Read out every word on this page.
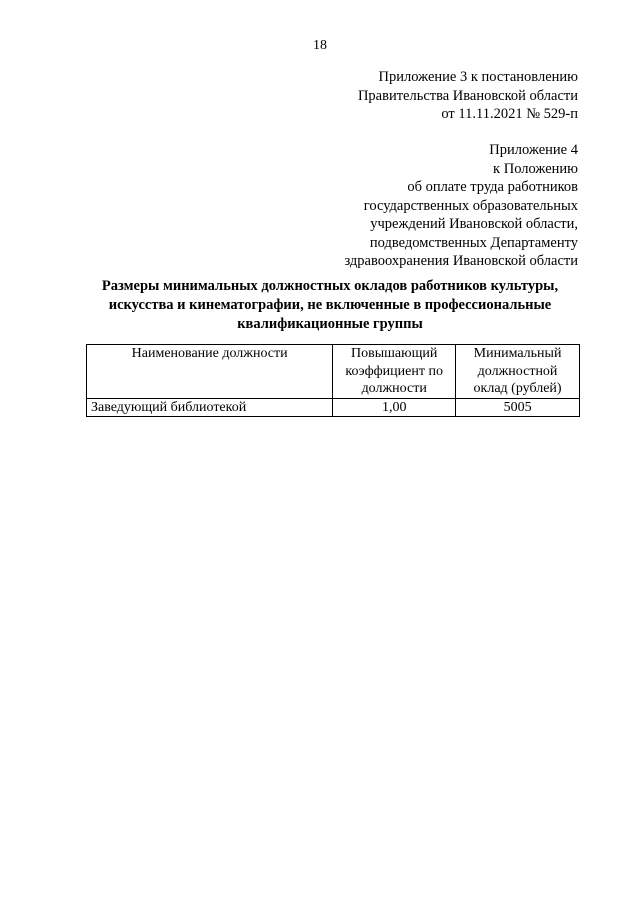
18
Приложение 3 к постановлению
Правительства Ивановской области
от 11.11.2021 № 529-п
Приложение 4
к Положению
об оплате труда работников
государственных образовательных
учреждений Ивановской области,
подведомственных Департаменту
здравоохранения Ивановской области
Размеры минимальных должностных окладов работников культуры,
искусства и кинематографии, не включенные в профессиональные
квалификационные группы
Наименование должности	Повышающий коэффициент по должности	Минимальный должностной оклад (рублей)
Заведующий библиотекой	1,00	5005
